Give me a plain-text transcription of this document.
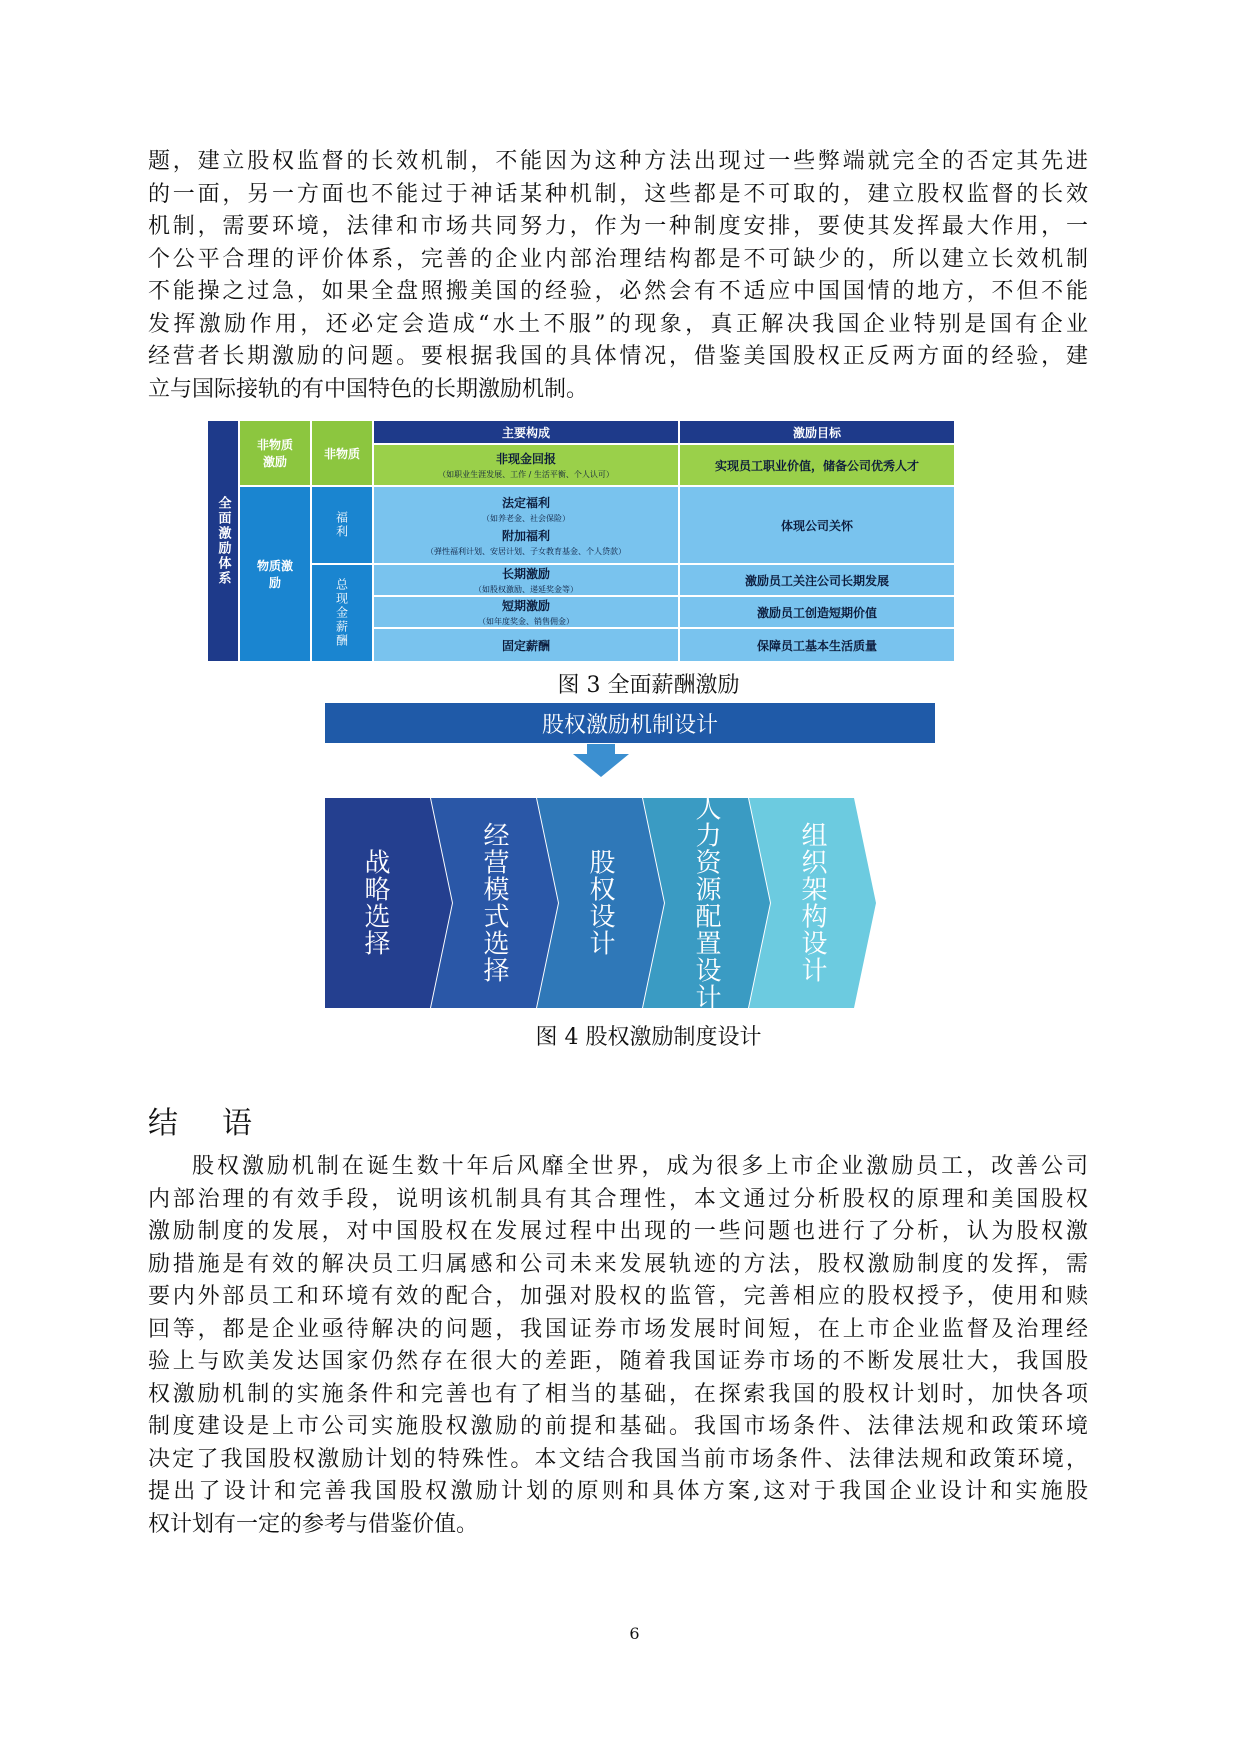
题，建立股权监督的长效机制，不能因为这种方法出现过一些弊端就完全的否定其先进
的一面，另一方面也不能过于神话某种机制，这些都是不可取的，建立股权监督的长效
机制，需要环境，法律和市场共同努力，作为一种制度安排，要使其发挥最大作用，一
个公平合理的评价体系，完善的企业内部治理结构都是不可缺少的，所以建立长效机制
不能操之过急，如果全盘照搬美国的经验，必然会有不适应中国国情的地方，不但不能
发挥激励作用，还必定会造成“水土不服”的现象，真正解决我国企业特别是国有企业
经营者长期激励的问题。要根据我国的具体情况，借鉴美国股权正反两方面的经验，建
立与国际接轨的有中国特色的长期激励机制。
全面激励体系
非物质激励
非物质
物质激励
福利
总现金薪酬
主要构成	激励目标
非现金回报
（如职业生涯发展、工作 / 生活平衡、个人认可）
实现员工职业价值，储备公司优秀人才
法定福利
（如养老金、社会保险）
附加福利
（弹性福利计划、安居计划、子女教育基金、个人贷款）
体现公司关怀
长期激励
（如股权激励、递延奖金等）
激励员工关注公司长期发展
短期激励
（如年度奖金、销售佣金）
激励员工创造短期价值
固定薪酬	保障员工基本生活质量
图 3 全面薪酬激励
股权激励机制设计
战略选择
经营模式选择
股权设计
人力资源配置设计
组织架构设计
图 4 股权激励制度设计
结 语
股权激励机制在诞生数十年后风靡全世界，成为很多上市企业激励员工，改善公司
内部治理的有效手段，说明该机制具有其合理性，本文通过分析股权的原理和美国股权
激励制度的发展，对中国股权在发展过程中出现的一些问题也进行了分析，认为股权激
励措施是有效的解决员工归属感和公司未来发展轨迹的方法，股权激励制度的发挥，需
要内外部员工和环境有效的配合，加强对股权的监管，完善相应的股权授予，使用和赎
回等，都是企业亟待解决的问题，我国证券市场发展时间短，在上市企业监督及治理经
验上与欧美发达国家仍然存在很大的差距，随着我国证券市场的不断发展壮大，我国股
权激励机制的实施条件和完善也有了相当的基础，在探索我国的股权计划时，加快各项
制度建设是上市公司实施股权激励的前提和基础。我国市场条件、法律法规和政策环境
决定了我国股权激励计划的特殊性。本文结合我国当前市场条件、法律法规和政策环境，
提出了设计和完善我国股权激励计划的原则和具体方案,这对于我国企业设计和实施股
权计划有一定的参考与借鉴价值。
6
